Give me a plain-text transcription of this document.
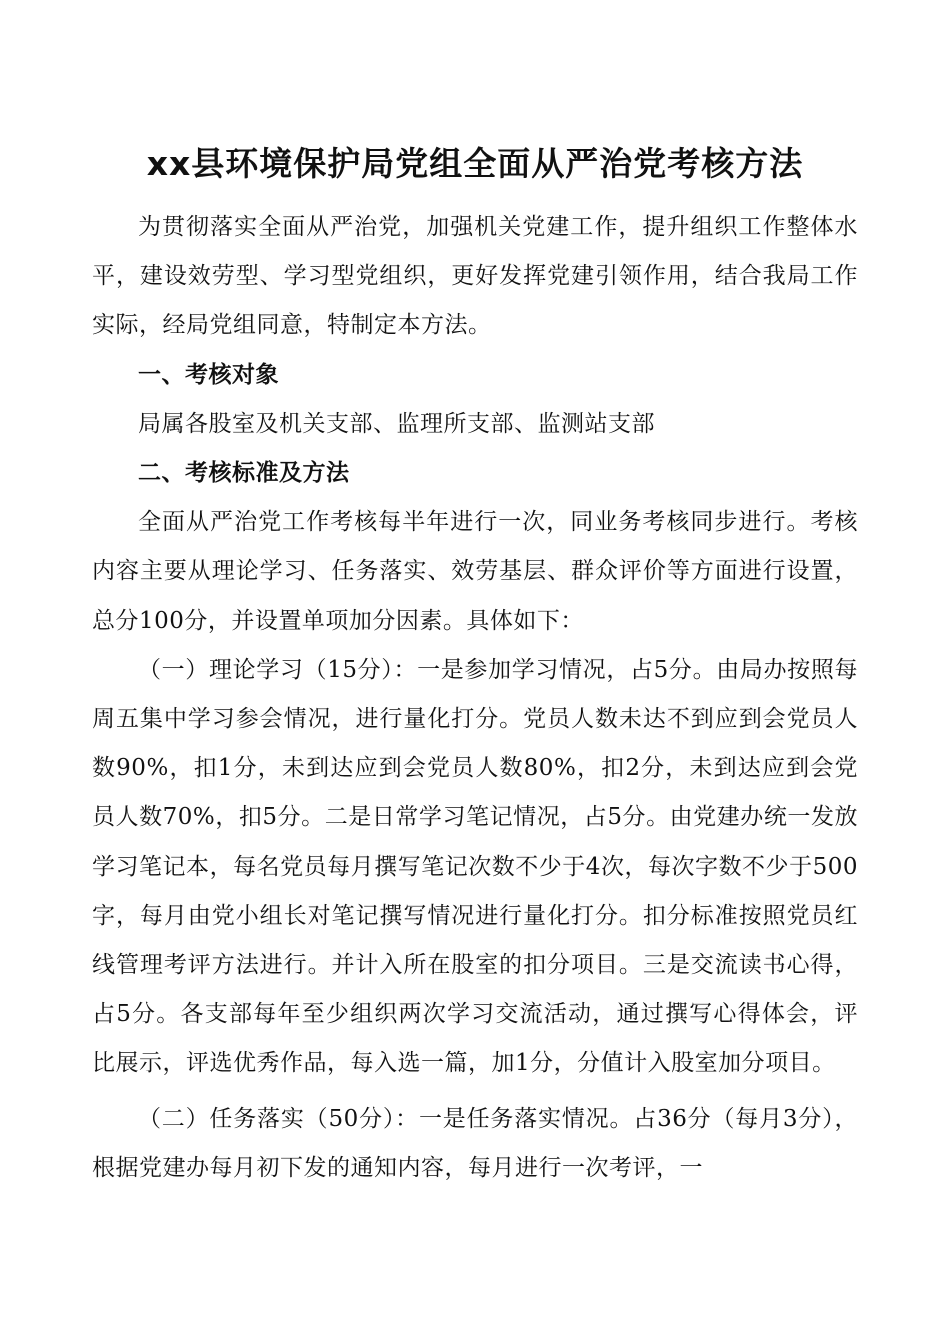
xx县环境保护局党组全面从严治党考核方法

为贯彻落实全面从严治党，加强机关党建工作，提升组织工作整体水平，建设效劳型、学习型党组织，更好发挥党建引领作用，结合我局工作实际，经局党组同意，特制定本方法。

一、考核对象

局属各股室及机关支部、监理所支部、监测站支部

二、考核标准及方法

全面从严治党工作考核每半年进行一次，同业务考核同步进行。考核内容主要从理论学习、任务落实、效劳基层、群众评价等方面进行设置，总分100分，并设置单项加分因素。具体如下：

（一）理论学习（15分）：一是参加学习情况，占5分。由局办按照每周五集中学习参会情况，进行量化打分。党员人数未达不到应到会党员人数90%，扣1分，未到达应到会党员人数80%，扣2分，未到达应到会党员人数70%，扣5分。二是日常学习笔记情况，占5分。由党建办统一发放学习笔记本，每名党员每月撰写笔记次数不少于4次，每次字数不少于500字，每月由党小组长对笔记撰写情况进行量化打分。扣分标准按照党员红线管理考评方法进行。并计入所在股室的扣分项目。三是交流读书心得，占5分。各支部每年至少组织两次学习交流活动，通过撰写心得体会，评比展示，评选优秀作品，每入选一篇，加1分，分值计入股室加分项目。

（二）任务落实（50分）：一是任务落实情况。占36分（每月3分），根据党建办每月初下发的通知内容，每月进行一次考评，一
